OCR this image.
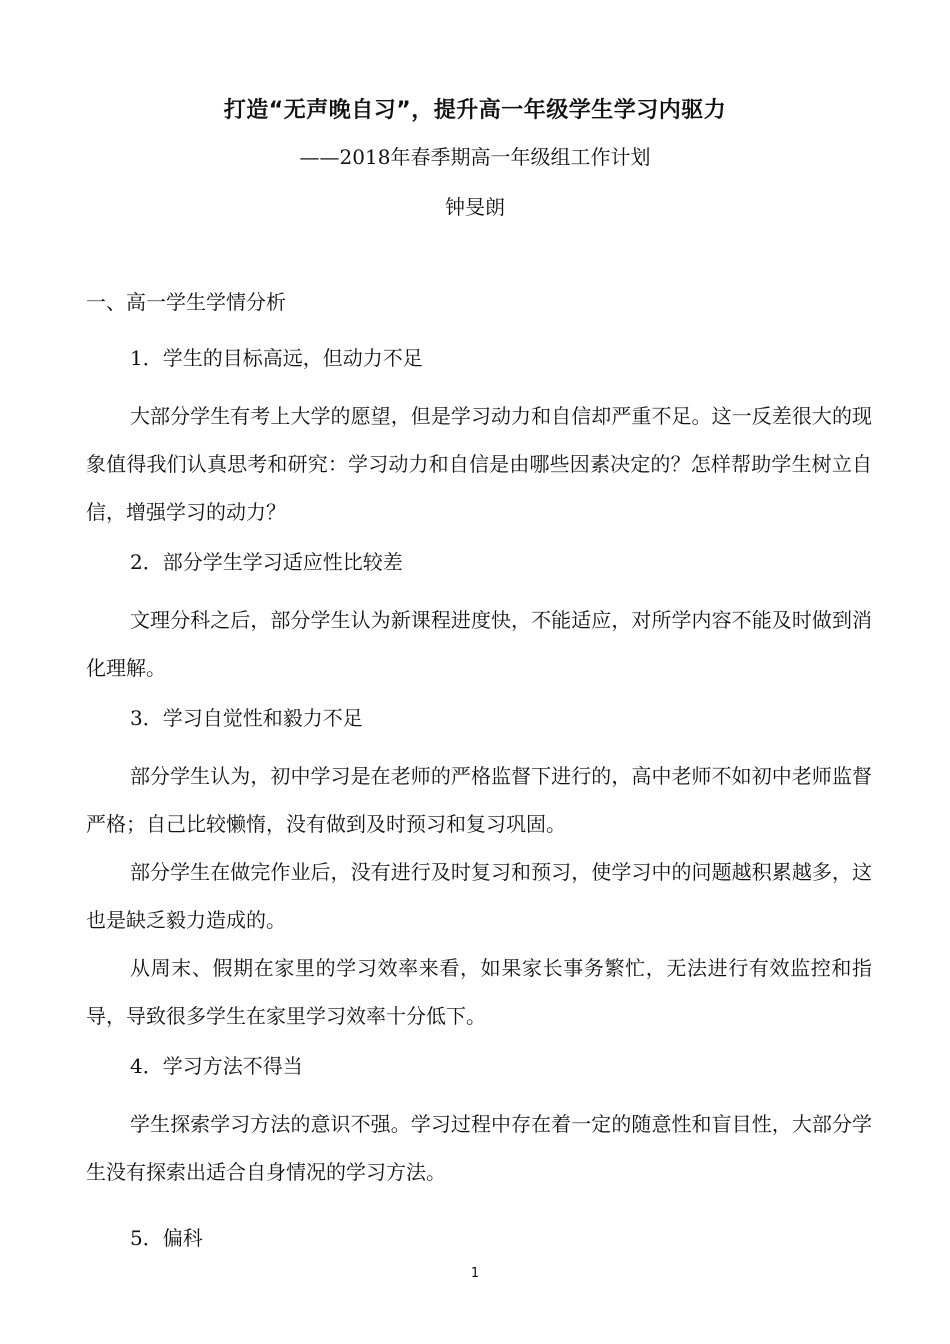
打造“无声晚自习”，提升高一年级学生学习内驱力
——2018年春季期高一年级组工作计划
钟旻朗

一、高一学生学情分析

1．学生的目标高远，但动力不足

大部分学生有考上大学的愿望，但是学习动力和自信却严重不足。这一反差很大的现象值得我们认真思考和研究：学习动力和自信是由哪些因素决定的？怎样帮助学生树立自信，增强学习的动力？

2．部分学生学习适应性比较差

文理分科之后，部分学生认为新课程进度快，不能适应，对所学内容不能及时做到消化理解。

3．学习自觉性和毅力不足

部分学生认为，初中学习是在老师的严格监督下进行的，高中老师不如初中老师监督严格；自己比较懒惰，没有做到及时预习和复习巩固。

部分学生在做完作业后，没有进行及时复习和预习，使学习中的问题越积累越多，这也是缺乏毅力造成的。

从周末、假期在家里的学习效率来看，如果家长事务繁忙，无法进行有效监控和指导，导致很多学生在家里学习效率十分低下。

4．学习方法不得当

学生探索学习方法的意识不强。学习过程中存在着一定的随意性和盲目性，大部分学生没有探索出适合自身情况的学习方法。

5．偏科

1
